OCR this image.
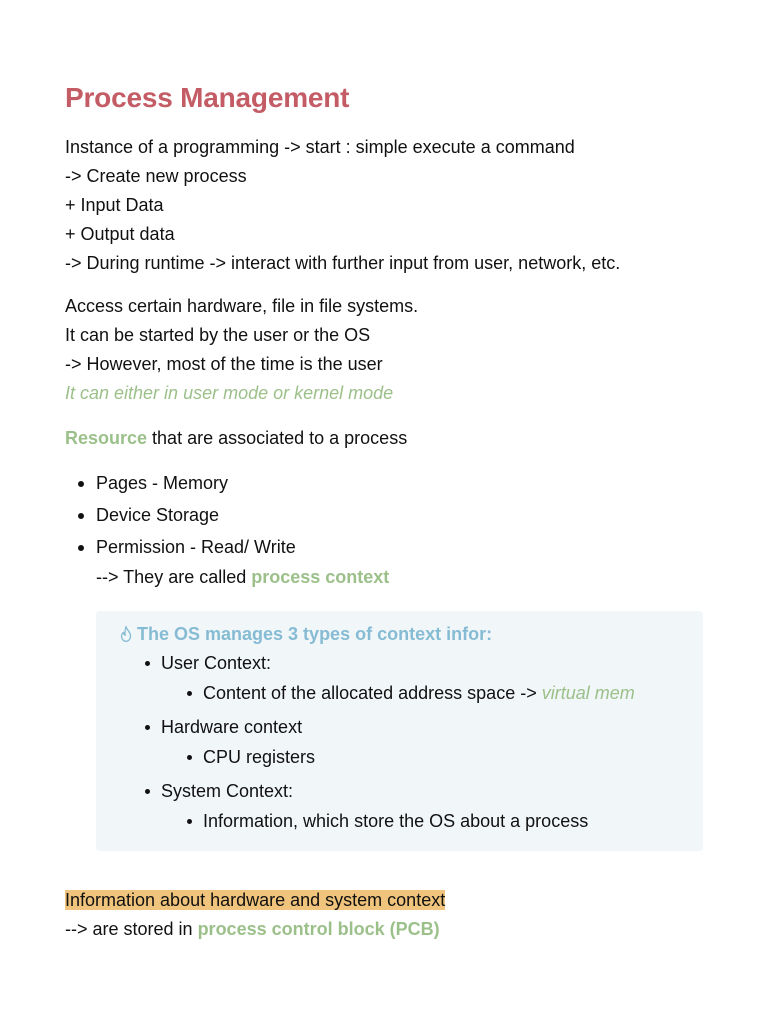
Process Management
Instance of a programming -> start : simple execute a command
-> Create new process
+ Input Data
+ Output data
-> During runtime -> interact with further input from user, network, etc.
Access certain hardware, file in file systems.
It can be started by the user or the OS
-> However, most of the time is the user
It can either in user mode or kernel mode
Resource that are associated to a process
Pages - Memory
Device Storage
Permission - Read/ Write
--> They are called process context
The OS manages 3 types of context infor:
User Context:
Content of the allocated address space -> virtual mem
Hardware context
CPU registers
System Context:
Information, which store the OS about a process
Information about hardware and system context
--> are stored in process control block (PCB)
